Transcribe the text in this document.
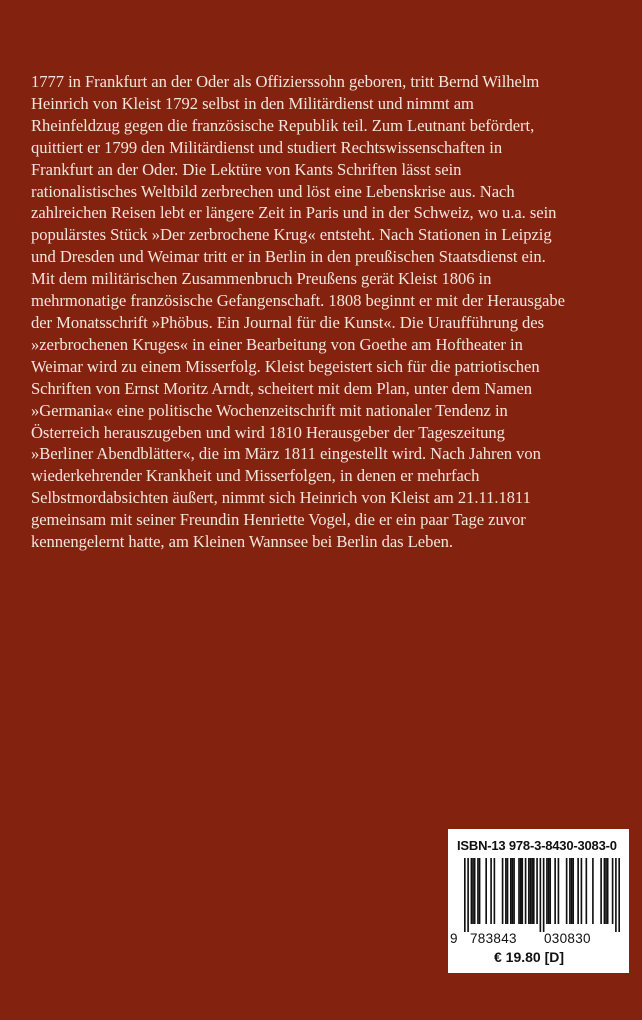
1777 in Frankfurt an der Oder als Offizierssohn geboren, tritt Bernd Wilhelm
Heinrich von Kleist 1792 selbst in den Militärdienst und nimmt am
Rheinfeldzug gegen die französische Republik teil. Zum Leutnant befördert,
quittiert er 1799 den Militärdienst und studiert Rechtswissenschaften in
Frankfurt an der Oder. Die Lektüre von Kants Schriften lässt sein
rationalistisches Weltbild zerbrechen und löst eine Lebenskrise aus. Nach
zahlreichen Reisen lebt er längere Zeit in Paris und in der Schweiz, wo u.a. sein
populärstes Stück »Der zerbrochene Krug« entsteht. Nach Stationen in Leipzig
und Dresden und Weimar tritt er in Berlin in den preußischen Staatsdienst ein.
Mit dem militärischen Zusammenbruch Preußens gerät Kleist 1806 in
mehrmonatige französische Gefangenschaft. 1808 beginnt er mit der Herausgabe
der Monatsschrift »Phöbus. Ein Journal für die Kunst«. Die Uraufführung des
»zerbrochenen Kruges« in einer Bearbeitung von Goethe am Hoftheater in
Weimar wird zu einem Misserfolg. Kleist begeistert sich für die patriotischen
Schriften von Ernst Moritz Arndt, scheitert mit dem Plan, unter dem Namen
»Germania« eine politische Wochenzeitschrift mit nationaler Tendenz in
Österreich herauszugeben und wird 1810 Herausgeber der Tageszeitung
»Berliner Abendblätter«, die im März 1811 eingestellt wird. Nach Jahren von
wiederkehrender Krankheit und Misserfolgen, in denen er mehrfach
Selbstmordabsichten äußert, nimmt sich Heinrich von Kleist am 21.11.1811
gemeinsam mit seiner Freundin Henriette Vogel, die er ein paar Tage zuvor
kennengelernt hatte, am Kleinen Wannsee bei Berlin das Leben.

ISBN-13 978-3-8430-3083-0
9 783843 030830
€ 19.80 [D]
